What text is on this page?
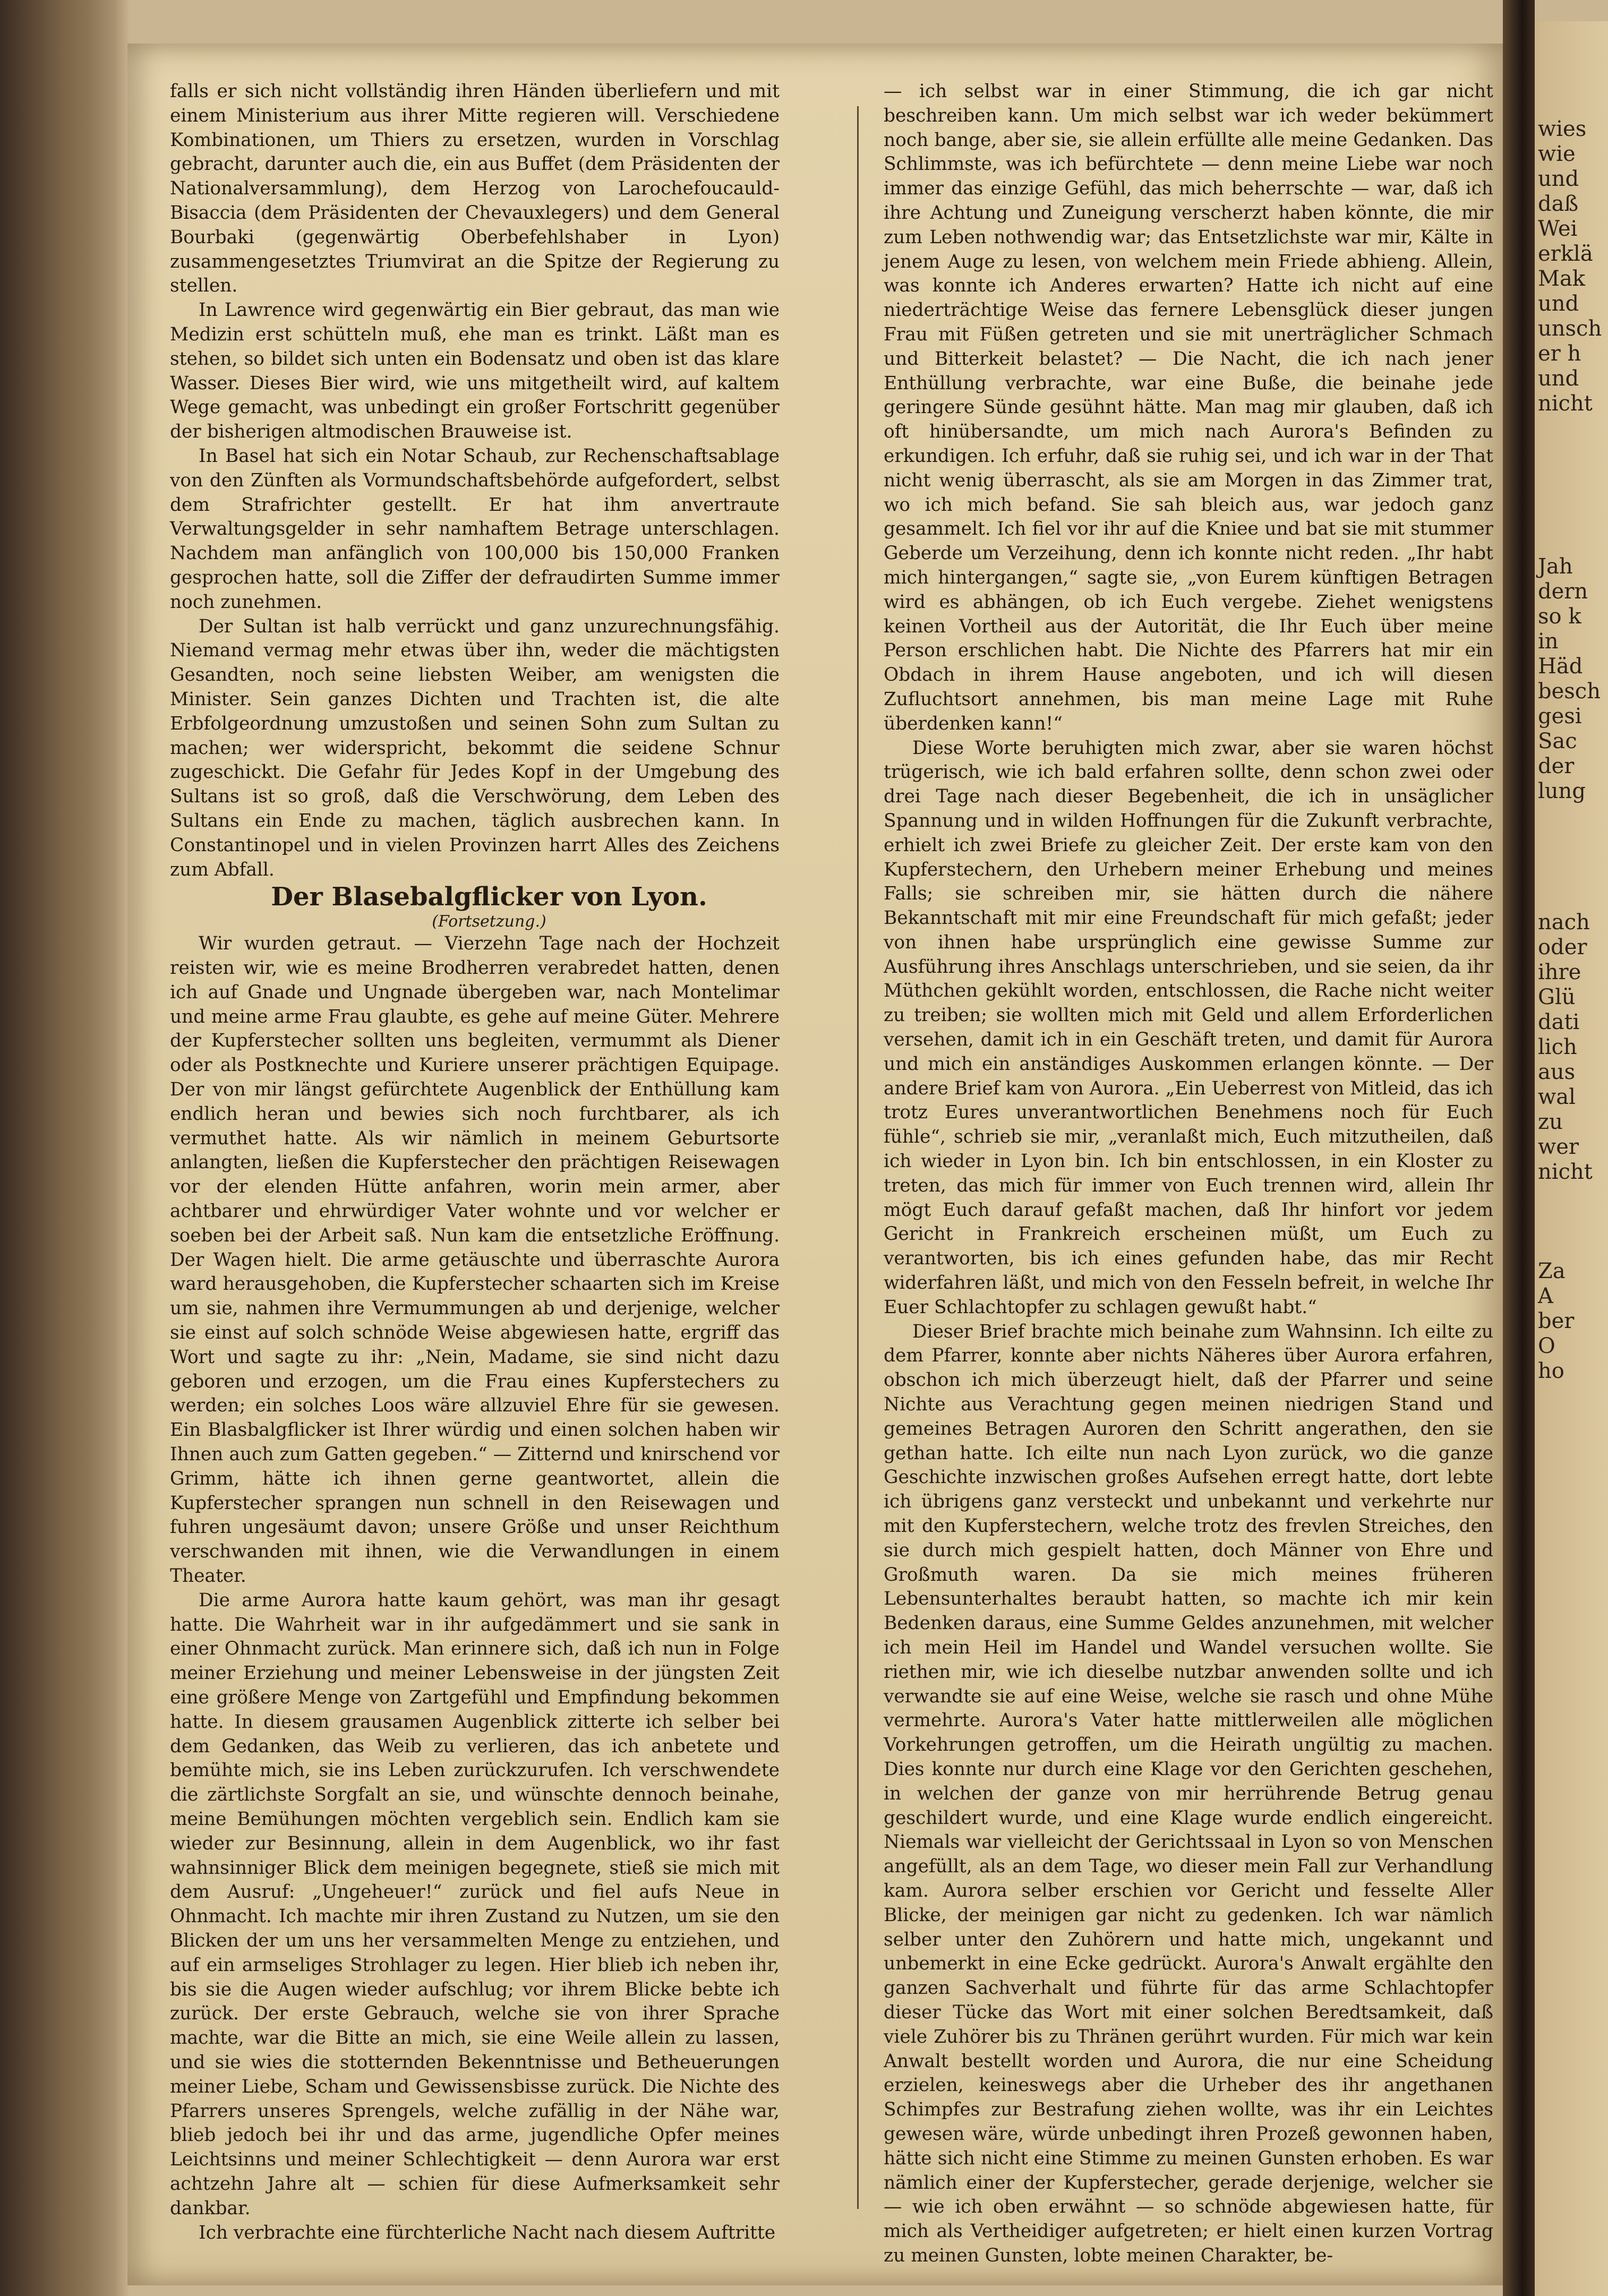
wies
wie
und
daß
Wei
erklä
Mak
und
unsch
er h
und
nicht
Jah
dern
so k
in
Häd
besch
gesi
Sac
der
lung
nach
oder
ihre
Glü
dati
lich
aus
wal
zu
wer
nicht
Za
A
ber
O
ho

falls er sich nicht vollständig ihren Händen überliefern und mit einem Ministerium aus ihrer Mitte regieren will. Verschiedene Kombinationen, um Thiers zu ersetzen, wurden in Vorschlag gebracht, darunter auch die, ein aus Buffet (dem Präsidenten der Nationalversammlung), dem Herzog von Larochefoucauld-Bisaccia (dem Präsidenten der Chevauxlegers) und dem General Bourbaki (gegenwärtig Oberbefehlshaber in Lyon) zusammengesetztes Triumvirat an die Spitze der Regierung zu stellen.

In Lawrence wird gegenwärtig ein Bier gebraut, das man wie Medizin erst schütteln muß, ehe man es trinkt. Läßt man es stehen, so bildet sich unten ein Bodensatz und oben ist das klare Wasser. Dieses Bier wird, wie uns mitgetheilt wird, auf kaltem Wege gemacht, was unbedingt ein großer Fortschritt gegenüber der bisherigen altmodischen Brauweise ist.

In Basel hat sich ein Notar Schaub, zur Rechenschaftsablage von den Zünften als Vormundschaftsbehörde aufgefordert, selbst dem Strafrichter gestellt. Er hat ihm anvertraute Verwaltungsgelder in sehr namhaftem Betrage unterschlagen. Nachdem man anfänglich von 100,000 bis 150,000 Franken gesprochen hatte, soll die Ziffer der defraudirten Summe immer noch zunehmen.

Der Sultan ist halb verrückt und ganz unzurechnungsfähig. Niemand vermag mehr etwas über ihn, weder die mächtigsten Gesandten, noch seine liebsten Weiber, am wenigsten die Minister. Sein ganzes Dichten und Trachten ist, die alte Erbfolgeordnung umzustoßen und seinen Sohn zum Sultan zu machen; wer widerspricht, bekommt die seidene Schnur zugeschickt. Die Gefahr für Jedes Kopf in der Umgebung des Sultans ist so groß, daß die Verschwörung, dem Leben des Sultans ein Ende zu machen, täglich ausbrechen kann. In Constantinopel und in vielen Provinzen harrt Alles des Zeichens zum Abfall.

Der Blasebalgflicker von Lyon.

(Fortsetzung.)

Wir wurden getraut. — Vierzehn Tage nach der Hochzeit reisten wir, wie es meine Brodherren verabredet hatten, denen ich auf Gnade und Ungnade übergeben war, nach Montelimar und meine arme Frau glaubte, es gehe auf meine Güter. Mehrere der Kupferstecher sollten uns begleiten, vermummt als Diener oder als Postknechte und Kuriere unserer prächtigen Equipage. Der von mir längst gefürchtete Augenblick der Enthüllung kam endlich heran und bewies sich noch furchtbarer, als ich vermuthet hatte. Als wir nämlich in meinem Geburtsorte anlangten, ließen die Kupferstecher den prächtigen Reisewagen vor der elenden Hütte anfahren, worin mein armer, aber achtbarer und ehrwürdiger Vater wohnte und vor welcher er soeben bei der Arbeit saß. Nun kam die entsetzliche Eröffnung. Der Wagen hielt. Die arme getäuschte und überraschte Aurora ward herausgehoben, die Kupferstecher schaarten sich im Kreise um sie, nahmen ihre Vermummungen ab und derjenige, welcher sie einst auf solch schnöde Weise abgewiesen hatte, ergriff das Wort und sagte zu ihr: „Nein, Madame, sie sind nicht dazu geboren und erzogen, um die Frau eines Kupferstechers zu werden; ein solches Loos wäre allzuviel Ehre für sie gewesen. Ein Blasbalgflicker ist Ihrer würdig und einen solchen haben wir Ihnen auch zum Gatten gegeben.“ — Zitternd und knirschend vor Grimm, hätte ich ihnen gerne geantwortet, allein die Kupferstecher sprangen nun schnell in den Reisewagen und fuhren ungesäumt davon; unsere Größe und unser Reichthum verschwanden mit ihnen, wie die Verwandlungen in einem Theater.

Die arme Aurora hatte kaum gehört, was man ihr gesagt hatte. Die Wahrheit war in ihr aufgedämmert und sie sank in einer Ohnmacht zurück. Man erinnere sich, daß ich nun in Folge meiner Erziehung und meiner Lebensweise in der jüngsten Zeit eine größere Menge von Zartgefühl und Empfindung bekommen hatte. In diesem grausamen Augenblick zitterte ich selber bei dem Gedanken, das Weib zu verlieren, das ich anbetete und bemühte mich, sie ins Leben zurückzurufen. Ich verschwendete die zärtlichste Sorgfalt an sie, und wünschte dennoch beinahe, meine Bemühungen möchten vergeblich sein. Endlich kam sie wieder zur Besinnung, allein in dem Augenblick, wo ihr fast wahnsinniger Blick dem meinigen begegnete, stieß sie mich mit dem Ausruf: „Ungeheuer!“ zurück und fiel aufs Neue in Ohnmacht. Ich machte mir ihren Zustand zu Nutzen, um sie den Blicken der um uns her versammelten Menge zu entziehen, und auf ein armseliges Strohlager zu legen. Hier blieb ich neben ihr, bis sie die Augen wieder aufschlug; vor ihrem Blicke bebte ich zurück. Der erste Gebrauch, welche sie von ihrer Sprache machte, war die Bitte an mich, sie eine Weile allein zu lassen, und sie wies die stotternden Bekenntnisse und Betheuerungen meiner Liebe, Scham und Gewissensbisse zurück. Die Nichte des Pfarrers unseres Sprengels, welche zufällig in der Nähe war, blieb jedoch bei ihr und das arme, jugendliche Opfer meines Leichtsinns und meiner Schlechtigkeit — denn Aurora war erst achtzehn Jahre alt — schien für diese Aufmerksamkeit sehr dankbar.

Ich verbrachte eine fürchterliche Nacht nach diesem Auftritte

— ich selbst war in einer Stimmung, die ich gar nicht beschreiben kann. Um mich selbst war ich weder bekümmert noch bange, aber sie, sie allein erfüllte alle meine Gedanken. Das Schlimmste, was ich befürchtete — denn meine Liebe war noch immer das einzige Gefühl, das mich beherrschte — war, daß ich ihre Achtung und Zuneigung verscherzt haben könnte, die mir zum Leben nothwendig war; das Entsetzlichste war mir, Kälte in jenem Auge zu lesen, von welchem mein Friede abhieng. Allein, was konnte ich Anderes erwarten? Hatte ich nicht auf eine niederträchtige Weise das fernere Lebensglück dieser jungen Frau mit Füßen getreten und sie mit unerträglicher Schmach und Bitterkeit belastet? — Die Nacht, die ich nach jener Enthüllung verbrachte, war eine Buße, die beinahe jede geringere Sünde gesühnt hätte. Man mag mir glauben, daß ich oft hinübersandte, um mich nach Aurora's Befinden zu erkundigen. Ich erfuhr, daß sie ruhig sei, und ich war in der That nicht wenig überrascht, als sie am Morgen in das Zimmer trat, wo ich mich befand. Sie sah bleich aus, war jedoch ganz gesammelt. Ich fiel vor ihr auf die Kniee und bat sie mit stummer Geberde um Verzeihung, denn ich konnte nicht reden. „Ihr habt mich hintergangen,“ sagte sie, „von Eurem künftigen Betragen wird es abhängen, ob ich Euch vergebe. Ziehet wenigstens keinen Vortheil aus der Autorität, die Ihr Euch über meine Person erschlichen habt. Die Nichte des Pfarrers hat mir ein Obdach in ihrem Hause angeboten, und ich will diesen Zufluchtsort annehmen, bis man meine Lage mit Ruhe überdenken kann!“

Diese Worte beruhigten mich zwar, aber sie waren höchst trügerisch, wie ich bald erfahren sollte, denn schon zwei oder drei Tage nach dieser Begebenheit, die ich in unsäglicher Spannung und in wilden Hoffnungen für die Zukunft verbrachte, erhielt ich zwei Briefe zu gleicher Zeit. Der erste kam von den Kupferstechern, den Urhebern meiner Erhebung und meines Falls; sie schreiben mir, sie hätten durch die nähere Bekanntschaft mit mir eine Freundschaft für mich gefaßt; jeder von ihnen habe ursprünglich eine gewisse Summe zur Ausführung ihres Anschlags unterschrieben, und sie seien, da ihr Müthchen gekühlt worden, entschlossen, die Rache nicht weiter zu treiben; sie wollten mich mit Geld und allem Erforderlichen versehen, damit ich in ein Geschäft treten, und damit für Aurora und mich ein anständiges Auskommen erlangen könnte. — Der andere Brief kam von Aurora. „Ein Ueberrest von Mitleid, das ich trotz Eures unverantwortlichen Benehmens noch für Euch fühle“, schrieb sie mir, „veranlaßt mich, Euch mitzutheilen, daß ich wieder in Lyon bin. Ich bin entschlossen, in ein Kloster zu treten, das mich für immer von Euch trennen wird, allein Ihr mögt Euch darauf gefaßt machen, daß Ihr hinfort vor jedem Gericht in Frankreich erscheinen müßt, um Euch zu verantworten, bis ich eines gefunden habe, das mir Recht widerfahren läßt, und mich von den Fesseln befreit, in welche Ihr Euer Schlachtopfer zu schlagen gewußt habt.“

Dieser Brief brachte mich beinahe zum Wahnsinn. Ich eilte zu dem Pfarrer, konnte aber nichts Näheres über Aurora erfahren, obschon ich mich überzeugt hielt, daß der Pfarrer und seine Nichte aus Verachtung gegen meinen niedrigen Stand und gemeines Betragen Auroren den Schritt angerathen, den sie gethan hatte. Ich eilte nun nach Lyon zurück, wo die ganze Geschichte inzwischen großes Aufsehen erregt hatte, dort lebte ich übrigens ganz versteckt und unbekannt und verkehrte nur mit den Kupferstechern, welche trotz des frevlen Streiches, den sie durch mich gespielt hatten, doch Männer von Ehre und Großmuth waren. Da sie mich meines früheren Lebensunterhaltes beraubt hatten, so machte ich mir kein Bedenken daraus, eine Summe Geldes anzunehmen, mit welcher ich mein Heil im Handel und Wandel versuchen wollte. Sie riethen mir, wie ich dieselbe nutzbar anwenden sollte und ich verwandte sie auf eine Weise, welche sie rasch und ohne Mühe vermehrte. Aurora's Vater hatte mittlerweilen alle möglichen Vorkehrungen getroffen, um die Heirath ungültig zu machen. Dies konnte nur durch eine Klage vor den Gerichten geschehen, in welchen der ganze von mir herrührende Betrug genau geschildert wurde, und eine Klage wurde endlich eingereicht. Niemals war vielleicht der Gerichtssaal in Lyon so von Menschen angefüllt, als an dem Tage, wo dieser mein Fall zur Verhandlung kam. Aurora selber erschien vor Gericht und fesselte Aller Blicke, der meinigen gar nicht zu gedenken. Ich war nämlich selber unter den Zuhörern und hatte mich, ungekannt und unbemerkt in eine Ecke gedrückt. Aurora's Anwalt ergählte den ganzen Sachverhalt und führte für das arme Schlachtopfer dieser Tücke das Wort mit einer solchen Beredtsamkeit, daß viele Zuhörer bis zu Thränen gerührt wurden. Für mich war kein Anwalt bestellt worden und Aurora, die nur eine Scheidung erzielen, keineswegs aber die Urheber des ihr angethanen Schimpfes zur Bestrafung ziehen wollte, was ihr ein Leichtes gewesen wäre, würde unbedingt ihren Prozeß gewonnen haben, hätte sich nicht eine Stimme zu meinen Gunsten erhoben. Es war nämlich einer der Kupferstecher, gerade derjenige, welcher sie — wie ich oben erwähnt — so schnöde abgewiesen hatte, für mich als Vertheidiger aufgetreten; er hielt einen kurzen Vortrag zu meinen Gunsten, lobte meinen Charakter, be-
